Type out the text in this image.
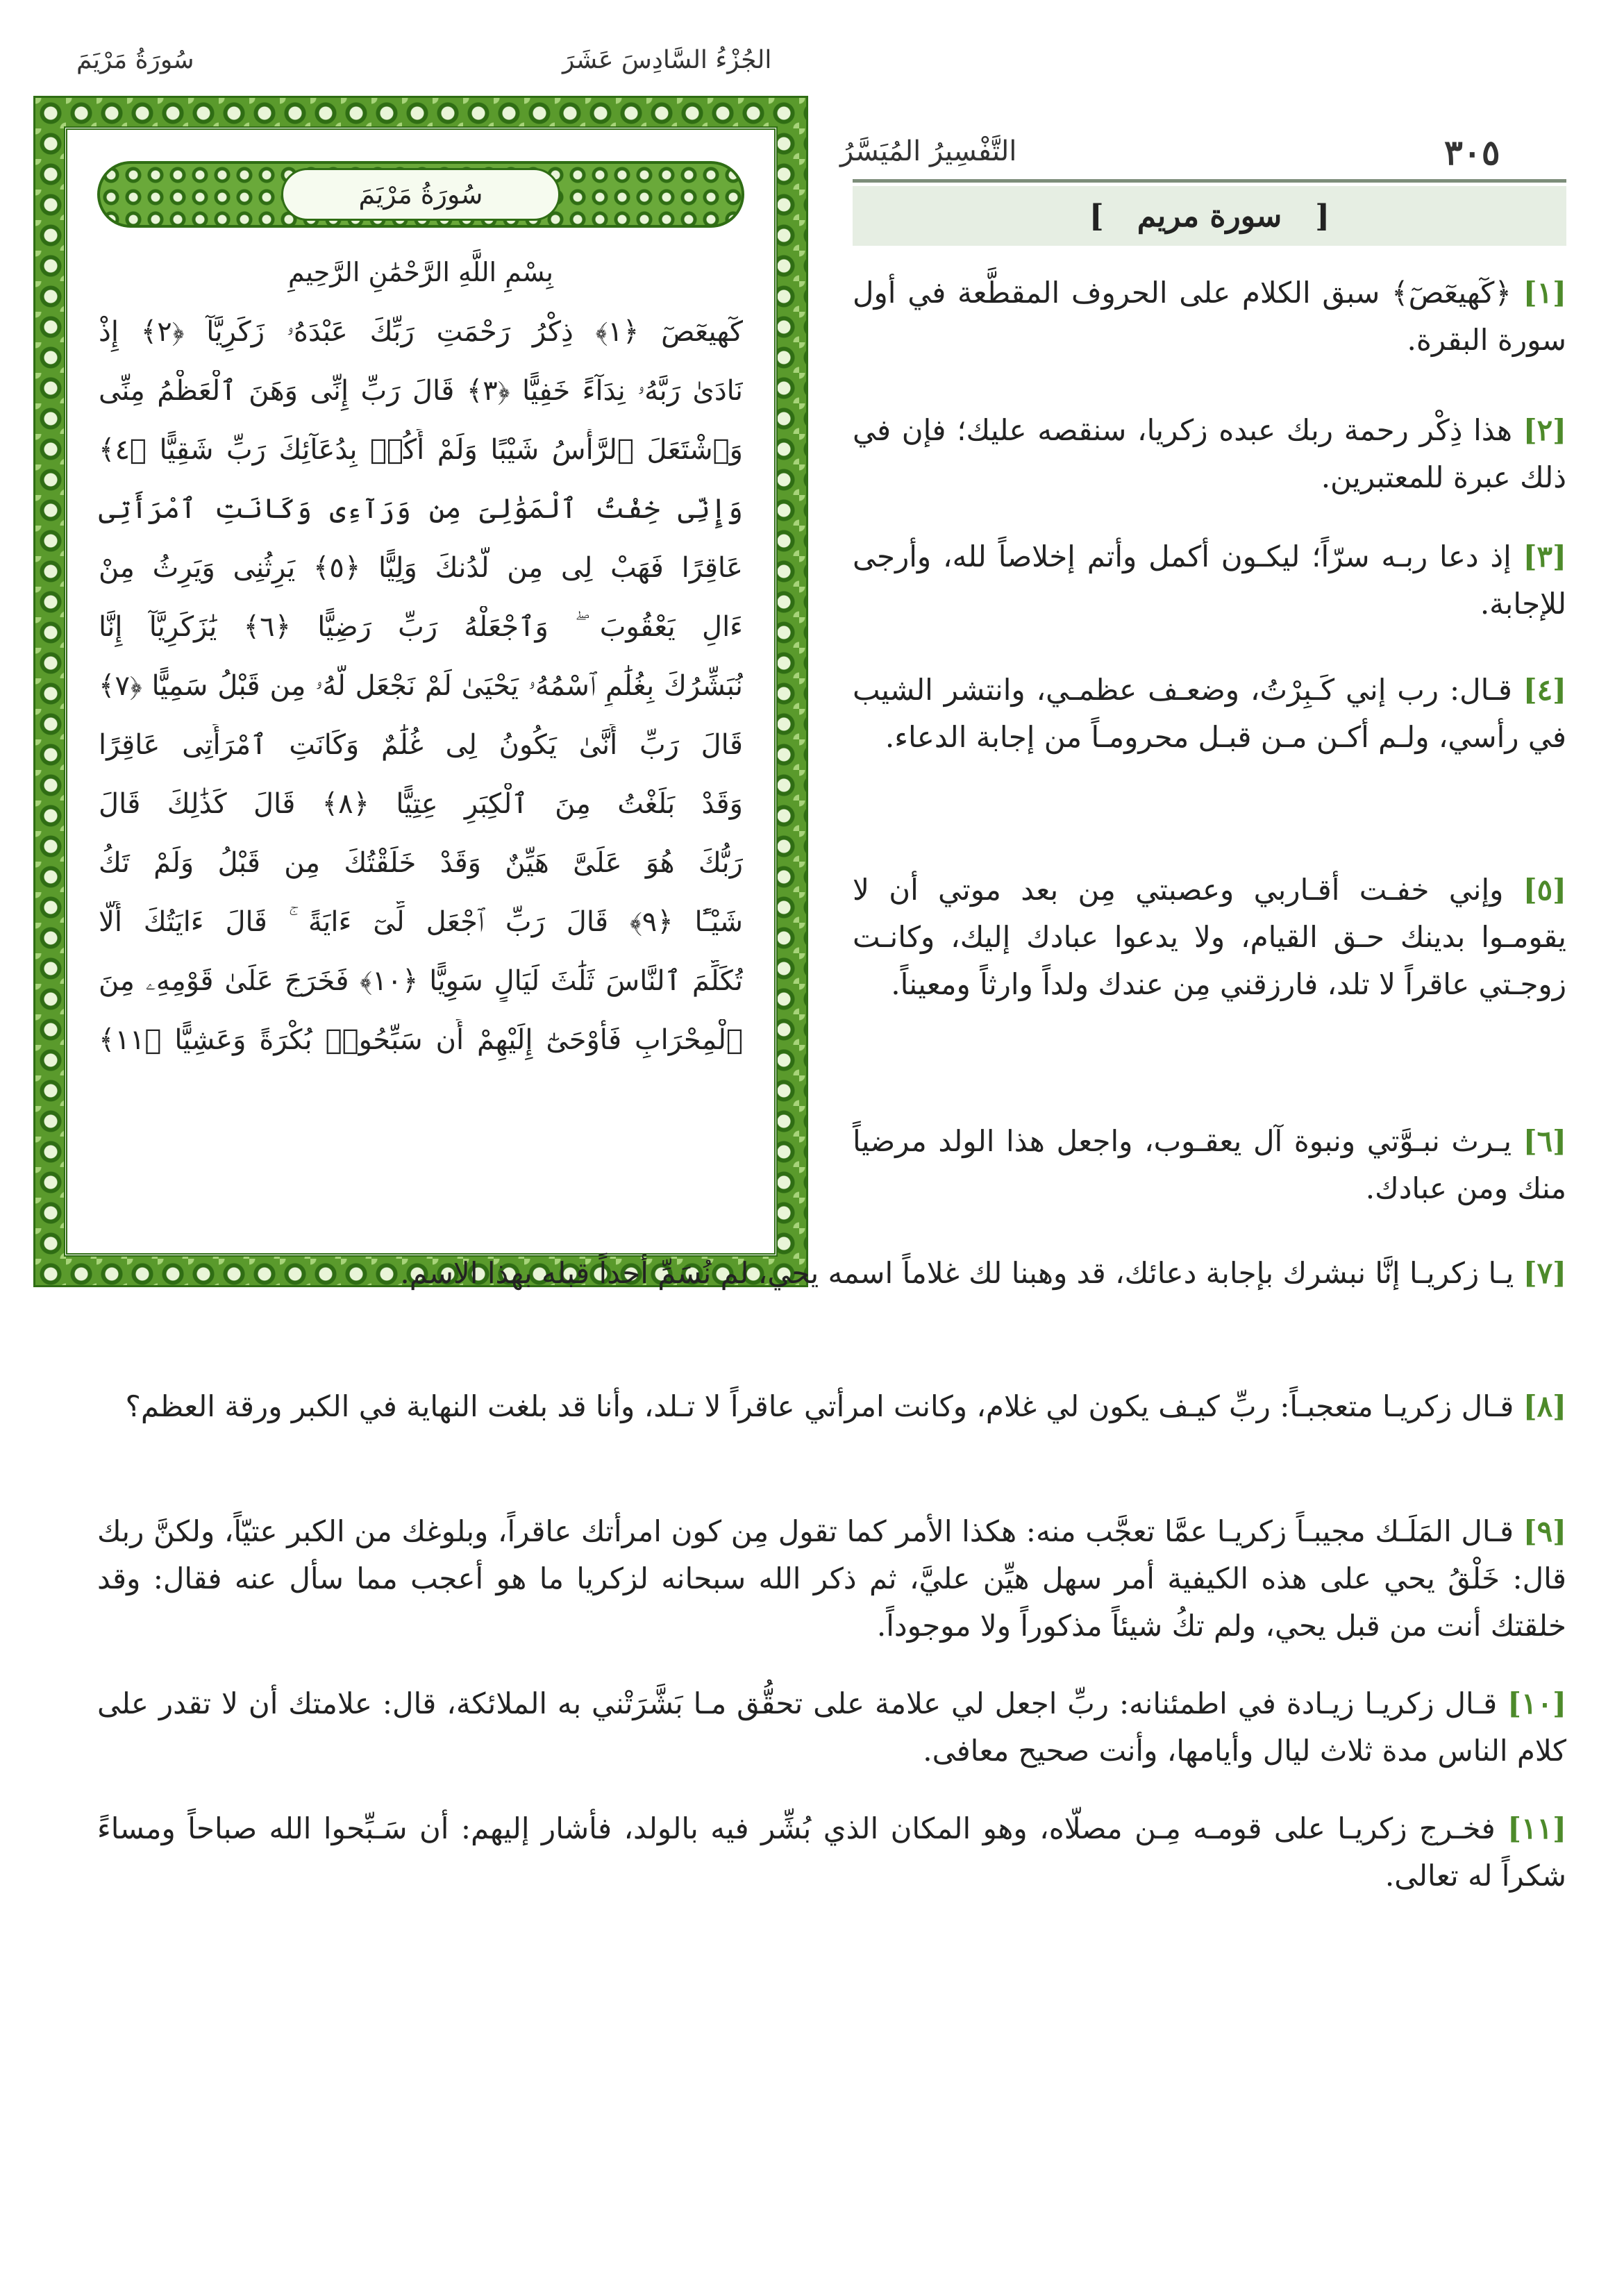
سُورَةُ مَرْيَمَ	الجُزْءُ السَّادِسَ عَشَرَ
التَّفْسِيرُ المُيَسَّرُ	٣٠٥
[
سورة مريم
]
سُورَةُ مَرْيَمَ
بِسْمِ اللَّهِ الرَّحْمَٰنِ الرَّحِيمِ
كٓهيعٓصٓ ﴿١﴾ ذِكْرُ رَحْمَتِ رَبِّكَ عَبْدَهُۥ زَكَرِيَّآ ﴿٢﴾ إِذْ
نَادَىٰ رَبَّهُۥ نِدَآءً خَفِيًّا ﴿٣﴾ قَالَ رَبِّ إِنِّى وَهَنَ ٱلْعَظْمُ مِنِّى
وَٱشْتَعَلَ ٱلرَّأْسُ شَيْبًا وَلَمْ أَكُنۢ بِدُعَآئِكَ رَبِّ شَقِيًّا ﴿٤﴾
وَإِنِّى خِفْتُ ٱلْمَوَٰلِىَ مِن وَرَآءِى وَكَانَتِ ٱمْرَأَتِى
عَاقِرًا فَهَبْ لِى مِن لَّدُنكَ وَلِيًّا ﴿٥﴾ يَرِثُنِى وَيَرِثُ مِنْ
ءَالِ يَعْقُوبَ ۖ وَٱجْعَلْهُ رَبِّ رَضِيًّا ﴿٦﴾ يَٰزَكَرِيَّآ إِنَّا
نُبَشِّرُكَ بِغُلَٰمٍ ٱسْمُهُۥ يَحْيَىٰ لَمْ نَجْعَل لَّهُۥ مِن قَبْلُ سَمِيًّا ﴿٧﴾
قَالَ رَبِّ أَنَّىٰ يَكُونُ لِى غُلَٰمٌ وَكَانَتِ ٱمْرَأَتِى عَاقِرًا
وَقَدْ بَلَغْتُ مِنَ ٱلْكِبَرِ عِتِيًّا ﴿٨﴾ قَالَ كَذَٰلِكَ قَالَ
رَبُّكَ هُوَ عَلَىَّ هَيِّنٌ وَقَدْ خَلَقْتُكَ مِن قَبْلُ وَلَمْ تَكُ
شَيْـًٔا ﴿٩﴾ قَالَ رَبِّ ٱجْعَل لِّىٓ ءَايَةً ۚ قَالَ ءَايَتُكَ أَلَّا
تُكَلِّمَ ٱلنَّاسَ ثَلَٰثَ لَيَالٍ سَوِيًّا ﴿١٠﴾ فَخَرَجَ عَلَىٰ قَوْمِهِۦ مِنَ
ٱلْمِحْرَابِ فَأَوْحَىٰٓ إِلَيْهِمْ أَن سَبِّحُوا۟ بُكْرَةً وَعَشِيًّا ﴿١١﴾
[١] ﴿كٓهيعٓصٓ﴾ سبق الكلام على الحروف المقطَّعة في أول سورة البقرة.
[٢] هذا ذِكْر رحمة ربك عبده زكريا، سنقصه عليك؛ فإن في ذلك عبرة للمعتبرين.
[٣] إذ دعا ربـه سرّاً؛ ليكـون أكمل وأتم إخلاصاً لله، وأرجى للإجابة.
[٤] قـال: رب إني كَـبِرْتُ، وضعـف عظمـي، وانتشر الشيب في رأسي، ولـم أكـن مـن قبـل محرومـاً من إجابة الدعاء.
[٥] وإني خفـت أقـاربي وعصبتي مِن بعد موتي أن لا يقومـوا بدينك حـق القيام، ولا يدعوا عبادك إليك، وكانـت زوجـتي عاقراً لا تلد، فارزقني مِن عندك ولداً وارثاً ومعيناً.
[٦] يـرث نبـوَّتي ونبوة آل يعقـوب، واجعل هذا الولد مرضياً منك ومن عبادك.
[٧] يـا زكريـا إنَّا نبشرك بإجابة دعائك، قد وهبنا لك غلاماً اسمه يحي، لم نُسَمِّ أحداً قبله بهذا الاسم.
[٨] قـال زكريـا متعجبـاً: ربِّ كيـف يكون لي غلام، وكانت امرأتي عاقراً لا تـلد، وأنا قد بلغت النهاية في الكبر ورقة العظم؟
[٩] قـال المَلَـك مجيبـاً زكريـا عمَّا تعجَّب منه: هكذا الأمر كما تقول مِن كون امرأتك عاقراً، وبلوغك من الكبر عتيّاً، ولكنَّ ربك قال: خَلْقُ يحي على هذه الكيفية أمر سهل هيِّن عليَّ، ثم ذكر الله سبحانه لزكريا ما هو أعجب مما سأل عنه فقال: وقد خلقتك أنت من قبل يحي، ولم تكُ شيئاً مذكوراً ولا موجوداً.
[١٠] قـال زكريـا زيـادة في اطمئنانه: ربِّ اجعل لي علامة على تحقُّق مـا بَشَّرَتْني به الملائكة، قال: علامتك أن لا تقدر على كلام الناس مدة ثلاث ليال وأيامها، وأنت صحيح معافى.
[١١] فخـرج زكريـا على قومـه مِـن مصلّاه، وهو المكان الذي بُشِّر فيه بالولد، فأشار إليهم: أن سَـبِّحوا الله صباحاً ومساءً شكراً له تعالى.
